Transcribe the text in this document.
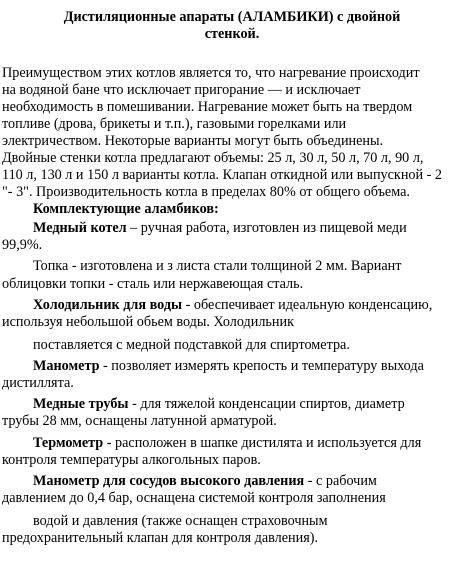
Дистиляционные апараты (АЛАМБИКИ) с двойной
стенкой.
Преимуществом этих котлов является то, что нагревание происходит
на водяной бане что исключает пригорание — и исключает
необходимость в помешивании. Нагревание может быть на твердом
топливе (дрова, брикеты и т.п.), газовыми горелками или
электричеством. Некоторые варианты могут быть объединены.
Двойные стенки котла предлагают объемы: 25 л, 30 л, 50 л, 70 л, 90 л,
110 л, 130 л и 150 л варианты котла. Клапан откидной или выпускной - 2
"- 3". Производительность котла в пределах 80% от общего объема.
Комплектующие аламбиков:
Медный котел – ручная работа, изготовлен из пищевой меди
99,9%.
Топка - изготовлена и з листа стали толщиной 2 мм. Вариант
облицовки топки - сталь или нержавеющая сталь.
Холодильник для воды - обеспечивает идеальную конденсацию,
используя небольшой обьем воды. Холодильник
поставляется с медной подставкой для спиртометра.
Манометр - позволяет измерять крепость и температуру выхода
дистиллята.
Медные трубы - для тяжелой конденсации спиртов, диаметр
трубы 28 мм, оснащены латунной арматурой.
Термометр - расположен в шапке дистилята и используется для
контроля температуры алкогольных паров.
Манометр для сосудов высокого давления - с рабочим
давлением до 0,4 бар, оснащена системой контроля заполнения
водой и давления (также оснащен страховочным
предохранительный клапан для контроля давления).
